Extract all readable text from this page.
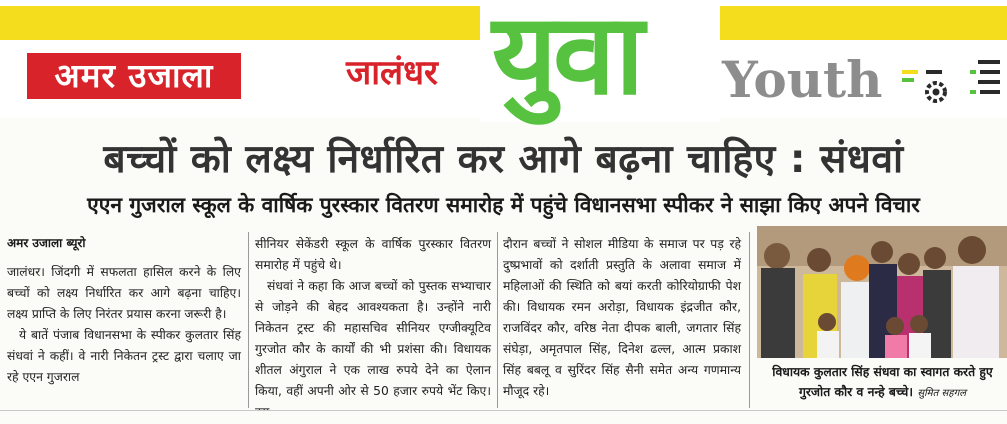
अमर उजाला	जालंधर युवा Youth
बच्चों को लक्ष्य निर्धारित कर आगे बढ़ना चाहिए : संधवां
एएन गुजराल स्कूल के वार्षिक पुरस्कार वितरण समारोह में पहुंचे विधानसभा स्पीकर ने साझा किए अपने विचार
अमर उजाला ब्यूरो

जालंधर। जिंदगी में सफलता हासिल करने के लिए बच्चों को लक्ष्य निर्धारित कर आगे बढ़ना चाहिए। लक्ष्य प्राप्ति के लिए निरंतर प्रयास करना जरूरी है।

ये बातें पंजाब विधानसभा के स्पीकर कुलतार सिंह संधवां ने कहीं। वे नारी निकेतन ट्रस्ट द्वारा चलाए जा रहे एएन गुजराल

सीनियर सेकेंडरी स्कूल के वार्षिक पुरस्कार वितरण समारोह में पहुंचे थे।

संधवां ने कहा कि आज बच्चों को पुस्तक सभ्याचार से जोड़ने की बेहद आवश्यकता है। उन्होंने नारी निकेतन ट्रस्ट की महासचिव सीनियर एग्जीक्यूटिव गुरजोत कौर के कार्यों की भी प्रशंसा की। विधायक शीतल अंगुराल ने एक लाख रुपये देने का ऐलान किया, वहीं अपनी ओर से 50 हजार रुपये भेंट किए।

दौरान बच्चों ने सोशल मीडिया के समाज पर पड़ रहे दुष्प्रभावों को दर्शाती प्रस्तुति के अलावा समाज में महिलाओं की स्थिति को बयां करती कोरियोग्राफी पेश की। विधायक रमन अरोड़ा, विधायक इंद्रजीत कौर, राजविंदर कौर, वरिष्ठ नेता दीपक बाली, जगतार सिंह संघेड़ा, अमृतपाल सिंह, दिनेश ढल्ल, आत्म प्रकाश सिंह बबलू व सुरिंदर सिंह सैनी समेत अन्य गणमान्य मौजूद रहे।

विधायक कुलतार सिंह संधवा का स्वागत करते हुए गुरजोत कौर व नन्हे बच्चे। सुमित सहगल
